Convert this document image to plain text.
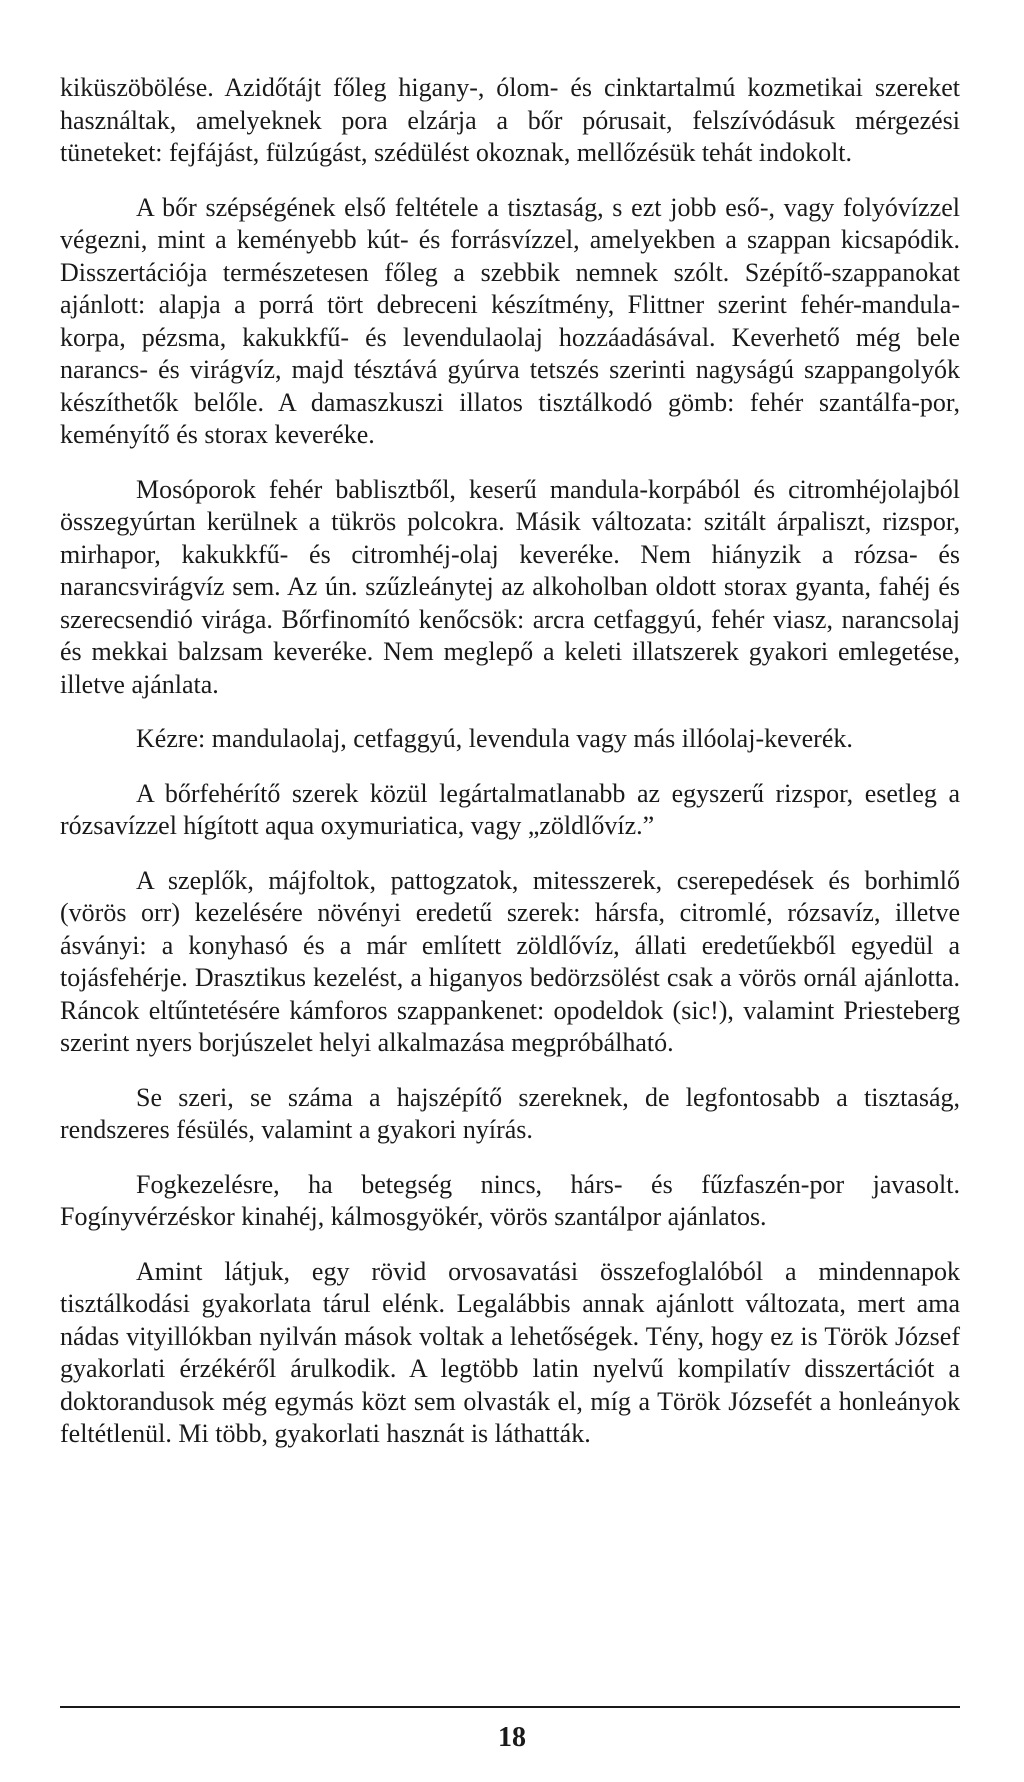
kiküszöbölése. Azidőtájt főleg higany-, ólom- és cinktartalmú kozmetikai szereket használtak, amelyeknek pora elzárja a bőr pórusait, felszívódásuk mérgezési tüneteket: fejfájást, fülzúgást, szédülést okoznak, mellőzésük tehát indokolt.

A bőr szépségének első feltétele a tisztaság, s ezt jobb eső-, vagy folyóvízzel végezni, mint a keményebb kút- és forrásvízzel, amelyekben a szappan kicsapódik. Disszertációja természetesen főleg a szebbik nemnek szólt. Szépítő-szappanokat ajánlott: alapja a porrá tört debreceni készítmény, Flittner szerint fehér-mandula-korpa, pézsma, kakukkfű- és levendulaolaj hozzáadásával. Keverhető még bele narancs- és virágvíz, majd tésztává gyúrva tetszés szerinti nagyságú szappangolyók készíthetők belőle. A damaszkuszi illatos tisztálkodó gömb: fehér szantálfa-por, keményítő és storax keveréke.

Mosóporok fehér bablisztből, keserű mandula-korpából és citromhéjolajból összegyúrtan kerülnek a tükrös polcokra. Másik változata: szitált árpaliszt, rizspor, mirhapor, kakukkfű- és citromhéj-olaj keveréke. Nem hiányzik a rózsa- és narancsvirágvíz sem. Az ún. szűzleánytej az alkoholban oldott storax gyanta, fahéj és szerecsendió virága. Bőrfinomító kenőcsök: arcra cetfaggyú, fehér viasz, narancsolaj és mekkai balzsam keveréke. Nem meglepő a keleti illatszerek gyakori emlegetése, illetve ajánlata.

Kézre: mandulaolaj, cetfaggyú, levendula vagy más illóolaj-keverék.

A bőrfehérítő szerek közül legártalmatlanabb az egyszerű rizspor, esetleg a rózsavízzel hígított aqua oxymuriatica, vagy „zöldlővíz.”

A szeplők, májfoltok, pattogzatok, mitesszerek, cserepedések és borhimlő (vörös orr) kezelésére növényi eredetű szerek: hársfa, citromlé, rózsavíz, illetve ásványi: a konyhasó és a már említett zöldlővíz, állati eredetűekből egyedül a tojásfehérje. Drasztikus kezelést, a higanyos bedörzsölést csak a vörös ornál ajánlotta. Ráncok eltűntetésére kámforos szappankenet: opodeldok (sic!), valamint Priesteberg szerint nyers borjúszelet helyi alkalmazása megpróbálható.

Se szeri, se száma a hajszépítő szereknek, de legfontosabb a tisztaság, rendszeres fésülés, valamint a gyakori nyírás.

Fogkezelésre, ha betegség nincs, hárs- és fűzfaszén-por javasolt. Fogínyvérzéskor kinahéj, kálmosgyökér, vörös szantálpor ajánlatos.

Amint látjuk, egy rövid orvosavatási összefoglalóból a mindennapok tisztálkodási gyakorlata tárul elénk. Legalábbis annak ajánlott változata, mert ama nádas vityillókban nyilván mások voltak a lehetőségek. Tény, hogy ez is Török József gyakorlati érzékéről árulkodik. A legtöbb latin nyelvű kompilatív disszertációt a doktorandusok még egymás közt sem olvasták el, míg a Török Józsefét a honleányok feltétlenül. Mi több, gyakorlati hasznát is láthatták.

18
